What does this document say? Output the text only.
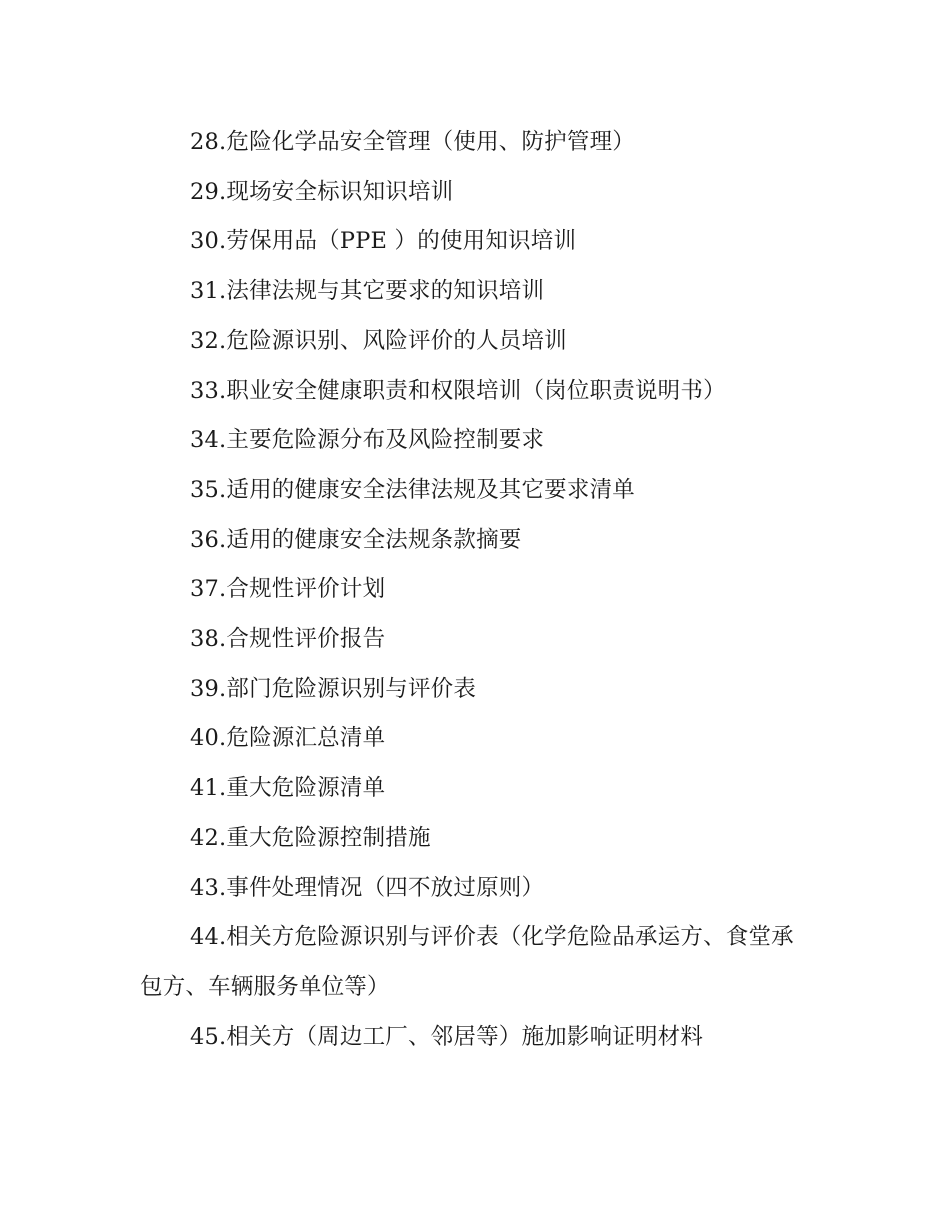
28.危险化学品安全管理（使用、防护管理）
29.现场安全标识知识培训
30.劳保用品（PPE ）的使用知识培训
31.法律法规与其它要求的知识培训
32.危险源识别、风险评价的人员培训
33.职业安全健康职责和权限培训（岗位职责说明书）
34.主要危险源分布及风险控制要求
35.适用的健康安全法律法规及其它要求清单
36.适用的健康安全法规条款摘要
37.合规性评价计划
38.合规性评价报告
39.部门危险源识别与评价表
40.危险源汇总清单
41.重大危险源清单
42.重大危险源控制措施
43.事件处理情况（四不放过原则）
44.相关方危险源识别与评价表（化学危险品承运方、食堂承包方、车辆服务单位等）
45.相关方（周边工厂、邻居等）施加影响证明材料
